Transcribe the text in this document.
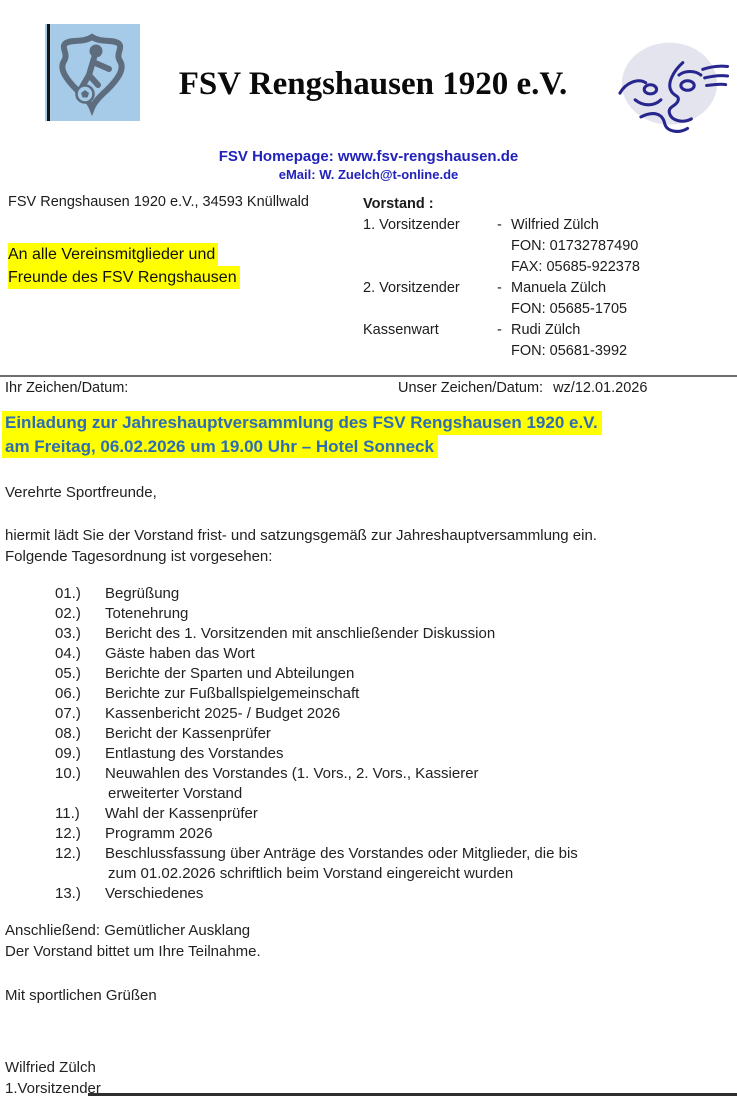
FSV Rengshausen 1920 e.V.
FSV Homepage: www.fsv-rengshausen.de
eMail: W. Zuelch@t-online.de
FSV Rengshausen 1920 e.V., 34593 Knüllwald
An alle Vereinsmitglieder und
Freunde des FSV Rengshausen
Vorstand :
1. Vorsitzender	- Wilfried Zülch
FON: 01732787490
FAX: 05685-922378
2. Vorsitzender	- Manuela Zülch
FON: 05685-1705
Kassenwart	- Rudi Zülch
FON: 05681-3992
Ihr Zeichen/Datum:	Unser Zeichen/Datum: wz/12.01.2026
Einladung zur Jahreshauptversammlung des FSV Rengshausen 1920 e.V.
am Freitag, 06.02.2026 um 19.00 Uhr – Hotel Sonneck
Verehrte Sportfreunde,
hiermit lädt Sie der Vorstand frist- und satzungsgemäß zur Jahreshauptversammlung ein.
Folgende Tagesordnung ist vorgesehen:
01.)	Begrüßung
02.)	Totenehrung
03.)	Bericht des 1. Vorsitzenden mit anschließender Diskussion
04.)	Gäste haben das Wort
05.)	Berichte der Sparten und Abteilungen
06.)	Berichte zur Fußballspielgemeinschaft
07.)	Kassenbericht 2025- / Budget 2026
08.)	Bericht der Kassenprüfer
09.)	Entlastung des Vorstandes
10.)	Neuwahlen des Vorstandes (1. Vors., 2. Vors., Kassierer
erweiterter Vorstand
11.)	Wahl der Kassenprüfer
12.)	Programm 2026
12.)	Beschlussfassung über Anträge des Vorstandes oder Mitglieder, die bis
zum 01.02.2026 schriftlich beim Vorstand eingereicht wurden
13.)	Verschiedenes
Anschließend: Gemütlicher Ausklang
Der Vorstand bittet um Ihre Teilnahme.
Mit sportlichen Grüßen
Wilfried Zülch
1.Vorsitzender
